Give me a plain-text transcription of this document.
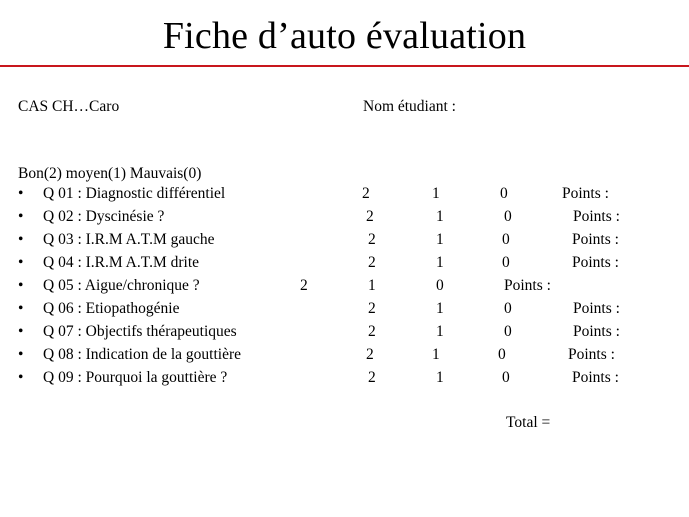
Fiche d’auto évaluation
CAS CH…Caro	Nom étudiant :
Bon(2) moyen(1) Mauvais(0)
• Q 01 : Diagnostic différentiel	2	1	0	Points :
• Q 02 : Dyscinésie ?	2	1	0	Points :
• Q 03 : I.R.M A.T.M gauche	2	1	0	Points :
• Q 04 : I.R.M A.T.M drite	2	1	0	Points :
• Q 05 : Aigue/chronique ?	2	1	0	Points :
• Q 06 : Etiopathogénie	2	1	0	Points :
• Q 07 : Objectifs thérapeutiques	2	1	0	Points :
• Q 08 : Indication de la gouttière	2	1	0	Points :
• Q 09 : Pourquoi la gouttière ?	2	1	0	Points :
Total =
